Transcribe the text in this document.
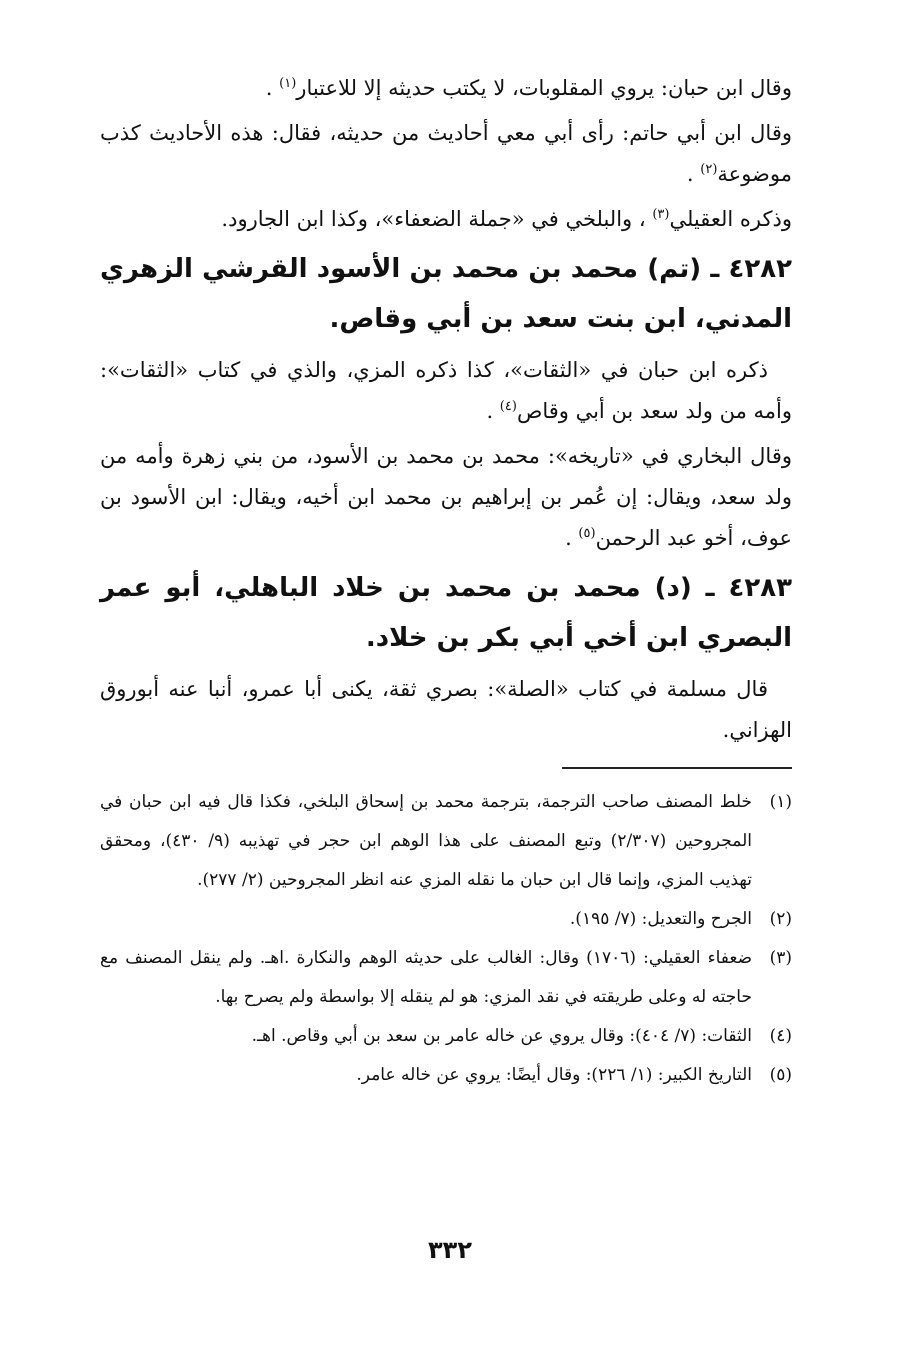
وقال ابن حبان: يروي المقلوبات، لا يكتب حديثه إلا للاعتبار$^{(١)}$ .

وقال ابن أبي حاتم: رأى أبي معي أحاديث من حديثه، فقال: هذه الأحاديث كذب موضوعة$^{(٢)}$ .

وذكره العقيلي$^{(٣)}$ ، والبلخي في «جملة الضعفاء»، وكذا ابن الجارود.

٤٢٨٢ ـ (تم) محمد بن محمد بن الأسود القرشي الزهري المدني، ابن بنت سعد بن أبي وقاص.

ذكره ابن حبان في «الثقات»، كذا ذكره المزي، والذي في كتاب «الثقات»: وأمه من ولد سعد بن أبي وقاص$^{(٤)}$ .

وقال البخاري في «تاريخه»: محمد بن محمد بن الأسود، من بني زهرة وأمه من ولد سعد، ويقال: إن عُمر بن إبراهيم بن محمد ابن أخيه، ويقال: ابن الأسود بن عوف، أخو عبد الرحمن$^{(٥)}$ .

٤٢٨٣ ـ (د) محمد بن محمد بن خلاد الباهلي، أبو عمر البصري ابن أخي أبي بكر بن خلاد.

قال مسلمة في كتاب «الصلة»: بصري ثقة، يكنى أبا عمرو، أنبا عنه أبوروق الهزاني.

(١)
خلط المصنف صاحب الترجمة، بترجمة محمد بن إسحاق البلخي، فكذا قال فيه ابن حبان في المجروحين (٢/٣٠٧) وتبع المصنف على هذا الوهم ابن حجر في تهذيبه (٩/ ٤٣٠)، ومحقق تهذيب المزي، وإنما قال ابن حبان ما نقله المزي عنه انظر المجروحين (٢/ ٢٧٧).
(٢)
الجرح والتعديل: (٧/ ١٩٥).
(٣)
ضعفاء العقيلي: (١٧٠٦) وقال: الغالب على حديثه الوهم والنكارة .اهـ. ولم ينقل المصنف مع حاجته له وعلى طريقته في نقد المزي: هو لم ينقله إلا بواسطة ولم يصرح بها.
(٤)
الثقات: (٧/ ٤٠٤): وقال يروي عن خاله عامر بن سعد بن أبي وقاص. اهـ.
(٥)
التاريخ الكبير: (١/ ٢٢٦): وقال أيضًا: يروي عن خاله عامر.
٣٣٢
